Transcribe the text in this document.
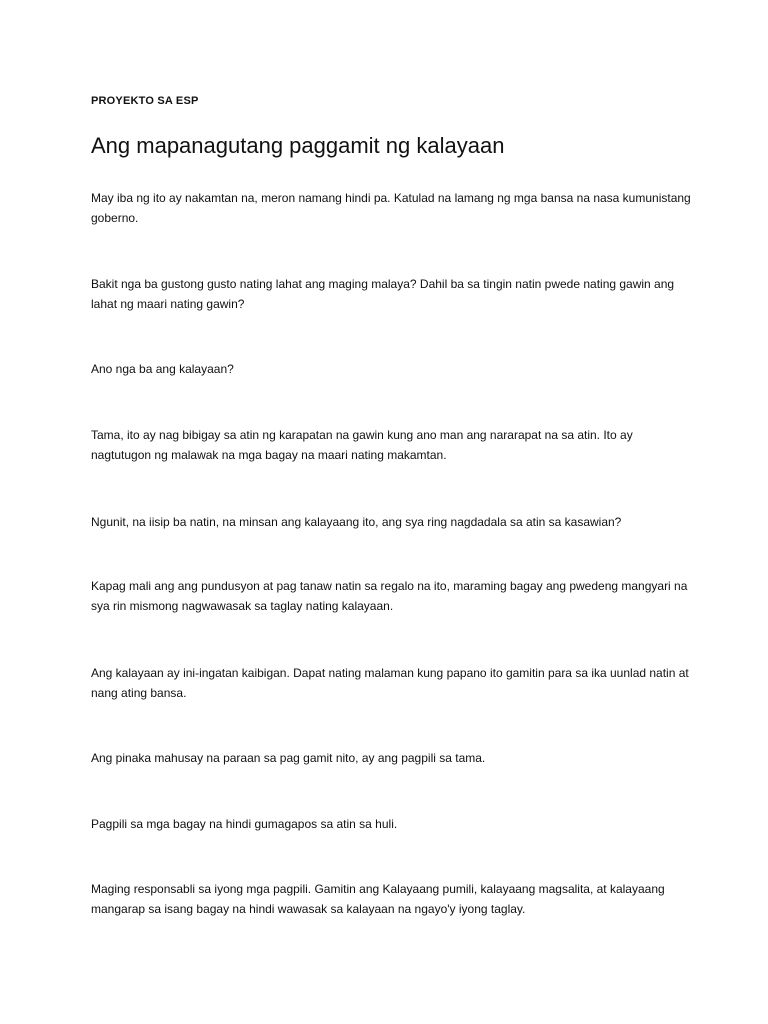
PROYEKTO SA ESP

Ang mapanagutang paggamit ng kalayaan

May iba ng ito ay nakamtan na, meron namang hindi pa. Katulad na lamang ng mga bansa na nasa kumunistang goberno.

Bakit nga ba gustong gusto nating lahat ang maging malaya? Dahil ba sa tingin natin pwede nating gawin ang lahat ng maari nating gawin?

Ano nga ba ang kalayaan?

Tama, ito ay nag bibigay sa atin ng karapatan na gawin kung ano man ang nararapat na sa atin. Ito ay nagtutugon ng malawak na mga bagay na maari nating makamtan.

Ngunit, na iisip ba natin, na minsan ang kalayaang ito, ang sya ring nagdadala sa atin sa kasawian?

Kapag mali ang ang pundusyon at pag tanaw natin sa regalo na ito, maraming bagay ang pwedeng mangyari na sya rin mismong nagwawasak sa taglay nating kalayaan.

Ang kalayaan ay ini-ingatan kaibigan. Dapat nating malaman kung papano ito gamitin para sa ika uunlad natin at nang ating bansa.

Ang pinaka mahusay na paraan sa pag gamit nito, ay ang pagpili sa tama.

Pagpili sa mga bagay na hindi gumagapos sa atin sa huli.

Maging responsabli sa iyong mga pagpili. Gamitin ang Kalayaang pumili, kalayaang magsalita, at kalayaang mangarap sa isang bagay na hindi wawasak sa kalayaan na ngayo'y iyong taglay.
